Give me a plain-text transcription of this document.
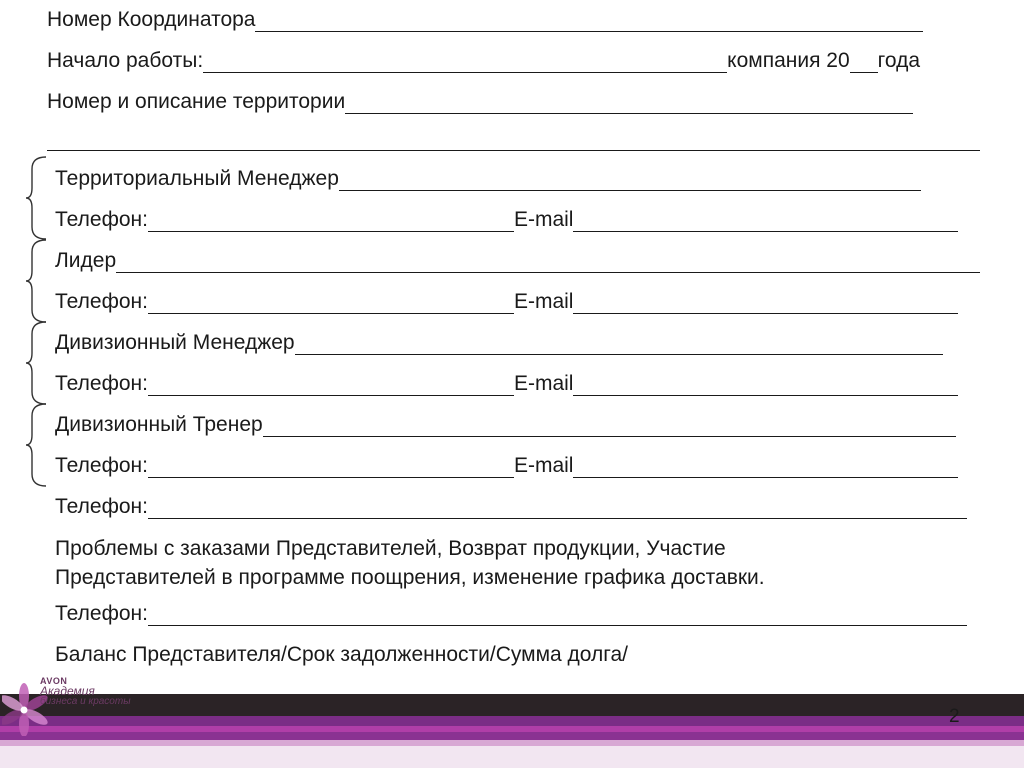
Номер Координатора
Начало работы:	компания 20 года
Номер и описание территории
Территориальный Менеджер
Телефон:	E-mail
Лидер
Телефон:	E-mail
Дивизионный Менеджер
Телефон:	E-mail
Дивизионный Тренер
Телефон:	E-mail
Телефон:
Проблемы с заказами Представителей, Возврат продукции, Участие
Представителей в программе поощрения, изменение графика доставки.
Телефон:
Баланс Представителя/Срок задолженности/Сумма долга/
AVON
Академия
бизнеса и красоты
2
